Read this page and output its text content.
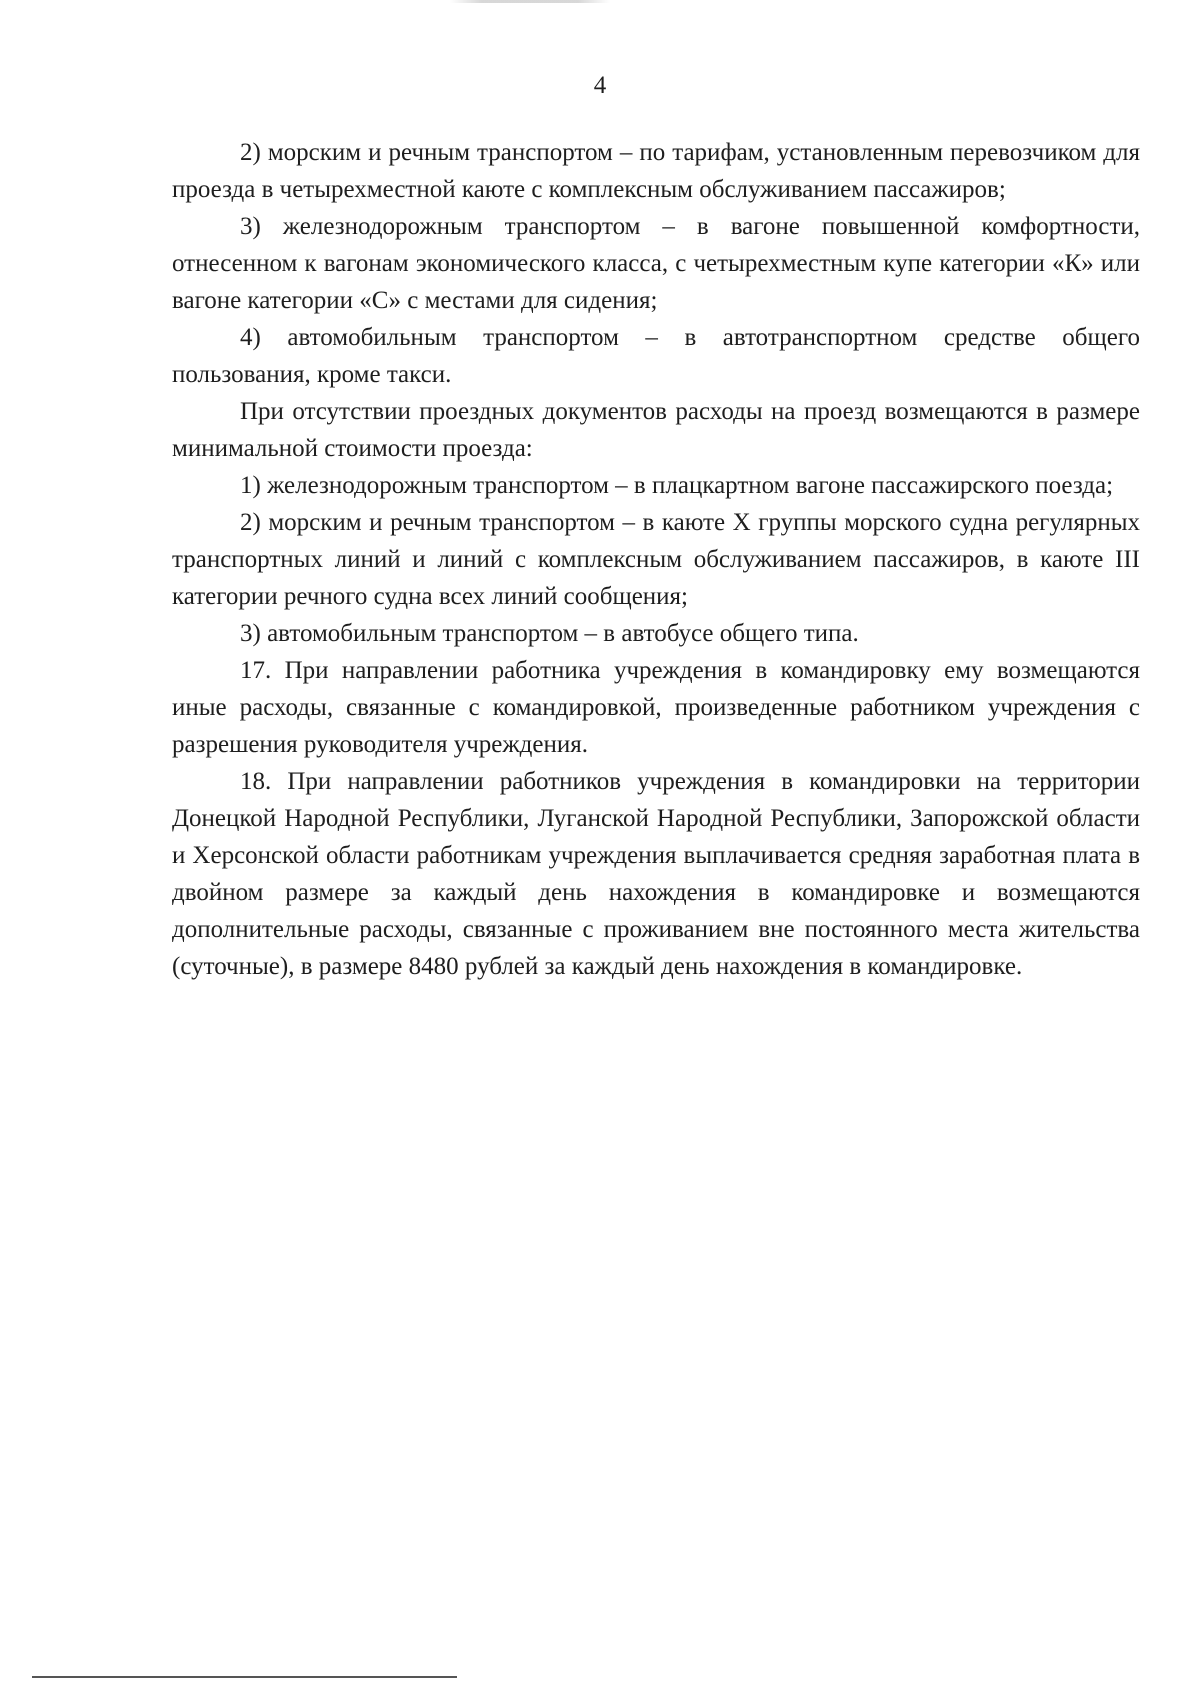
4

2) морским и речным транспортом – по тарифам, установленным перевозчиком для проезда в четырехместной каюте с комплексным обслуживанием пассажиров;

3) железнодорожным транспортом – в вагоне повышенной комфортности, отнесенном к вагонам экономического класса, с четырехместным купе категории «К» или вагоне категории «С» с местами для сидения;

4) автомобильным транспортом – в автотранспортном средстве общего пользования, кроме такси.

При отсутствии проездных документов расходы на проезд возмещаются в размере минимальной стоимости проезда:

1) железнодорожным транспортом – в плацкартном вагоне пассажирского поезда;

2) морским и речным транспортом – в каюте X группы морского судна регулярных транспортных линий и линий с комплексным обслуживанием пассажиров, в каюте III категории речного судна всех линий сообщения;

3) автомобильным транспортом – в автобусе общего типа.

17. При направлении работника учреждения в командировку ему возмещаются иные расходы, связанные с командировкой, произведенные работником учреждения с разрешения руководителя учреждения.

18. При направлении работников учреждения в командировки на территории Донецкой Народной Республики, Луганской Народной Республики, Запорожской области и Херсонской области работникам учреждения выплачивается средняя заработная плата в двойном размере за каждый день нахождения в командировке и возмещаются дополнительные расходы, связанные с проживанием вне постоянного места жительства (суточные), в размере 8480 рублей за каждый день нахождения в командировке.
